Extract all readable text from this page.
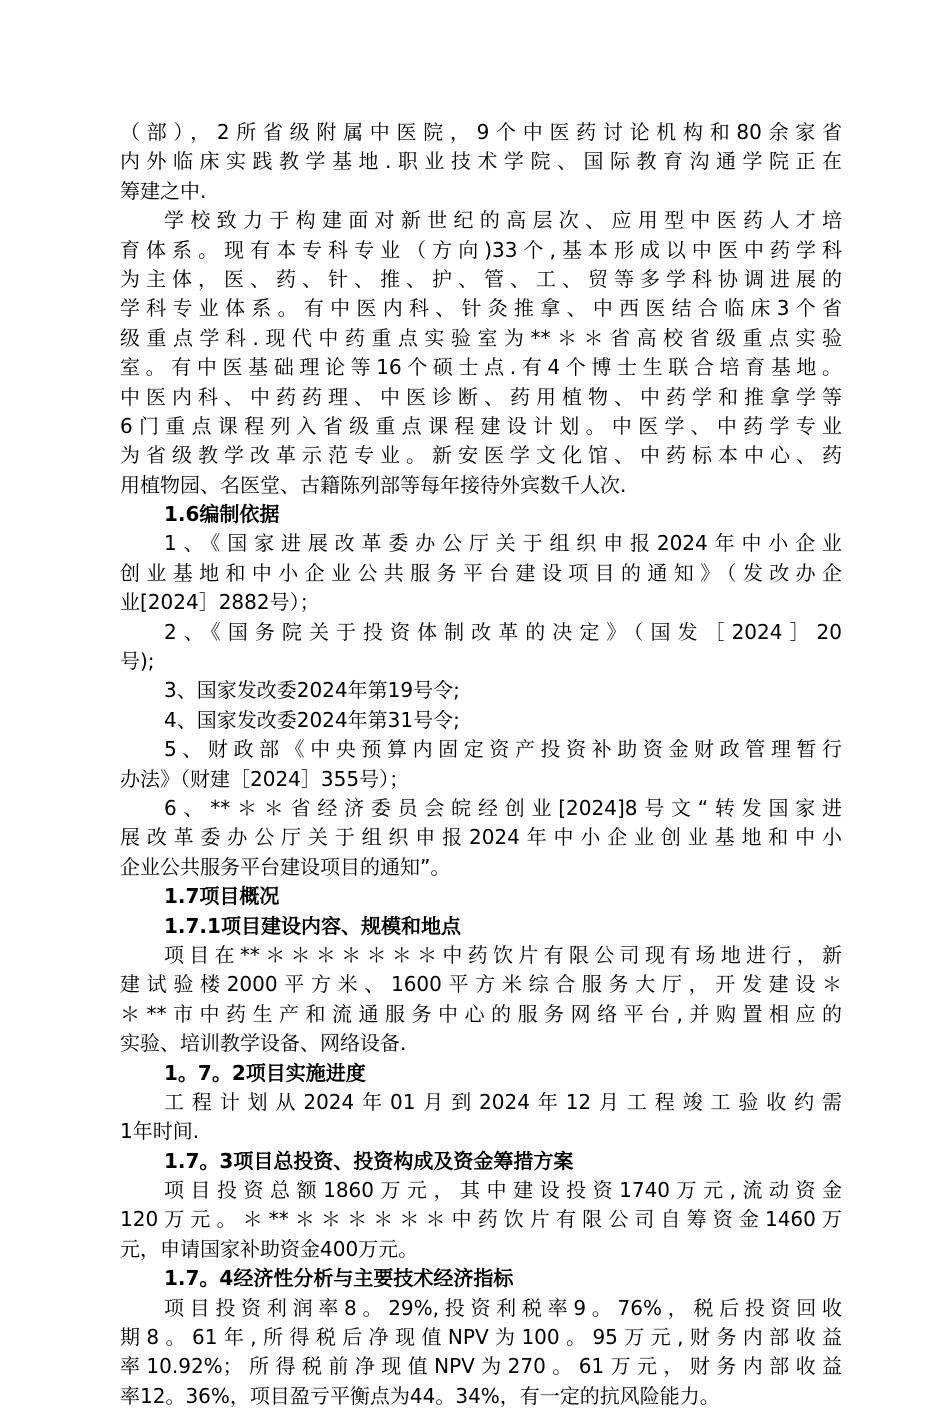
（部），2所省级附属中医院，9个中医药讨论机构和80余家省
内外临床实践教学基地.职业技术学院、国际教育沟通学院正在
筹建之中.
学校致力于构建面对新世纪的高层次、应用型中医药人才培
育体系。现有本专科专业（方向)33个,基本形成以中医中药学科
为主体，医、药、针、推、护、管、工、贸等多学科协调进展的
学科专业体系。有中医内科、针灸推拿、中西医结合临床3个省
级重点学科.现代中药重点实验室为**＊＊省高校省级重点实验
室。有中医基础理论等16个硕士点.有4个博士生联合培育基地。
中医内科、中药药理、中医诊断、药用植物、中药学和推拿学等
6门重点课程列入省级重点课程建设计划。中医学、中药学专业
为省级教学改革示范专业。新安医学文化馆、中药标本中心、药
用植物园、名医堂、古籍陈列部等每年接待外宾数千人次.
1.6编制依据
1、《国家进展改革委办公厅关于组织申报2024年中小企业
创业基地和中小企业公共服务平台建设项目的通知》（发改办企
业[2024］2882号）；
2、《国务院关于投资体制改革的决定》（国发［2024］20
号);
3、国家发改委2024年第19号令;
4、国家发改委2024年第31号令;
5、财政部《中央预算内固定资产投资补助资金财政管理暂行
办法》（财建［2024］355号）；
6、**＊＊省经济委员会皖经创业[2024]8号文“转发国家进
展改革委办公厅关于组织申报2024年中小企业创业基地和中小
企业公共服务平台建设项目的通知”。
1.7项目概况
1.7.1项目建设内容、规模和地点
项目在**＊＊＊＊＊＊＊中药饮片有限公司现有场地进行，新
建试验楼2000平方米、1600平方米综合服务大厅，开发建设＊
＊**市中药生产和流通服务中心的服务网络平台,并购置相应的
实验、培训教学设备、网络设备.
1。7。2项目实施进度
工程计划从2024年01月到2024年12月工程竣工验收约需
1年时间.
1.7。3项目总投资、投资构成及资金筹措方案
项目投资总额1860万元，其中建设投资1740万元,流动资金
120万元。＊**＊＊＊＊＊＊中药饮片有限公司自筹资金1460万
元，申请国家补助资金400万元。
1.7。4经济性分析与主要技术经济指标
项目投资利润率8。29%,投资利税率9。76%，税后投资回收
期8。61年,所得税后净现值NPV为100。95万元,财务内部收益
率10.92%；所得税前净现值NPV为270。61万元，财务内部收益
率12。36%，项目盈亏平衡点为44。34%，有一定的抗风险能力。
